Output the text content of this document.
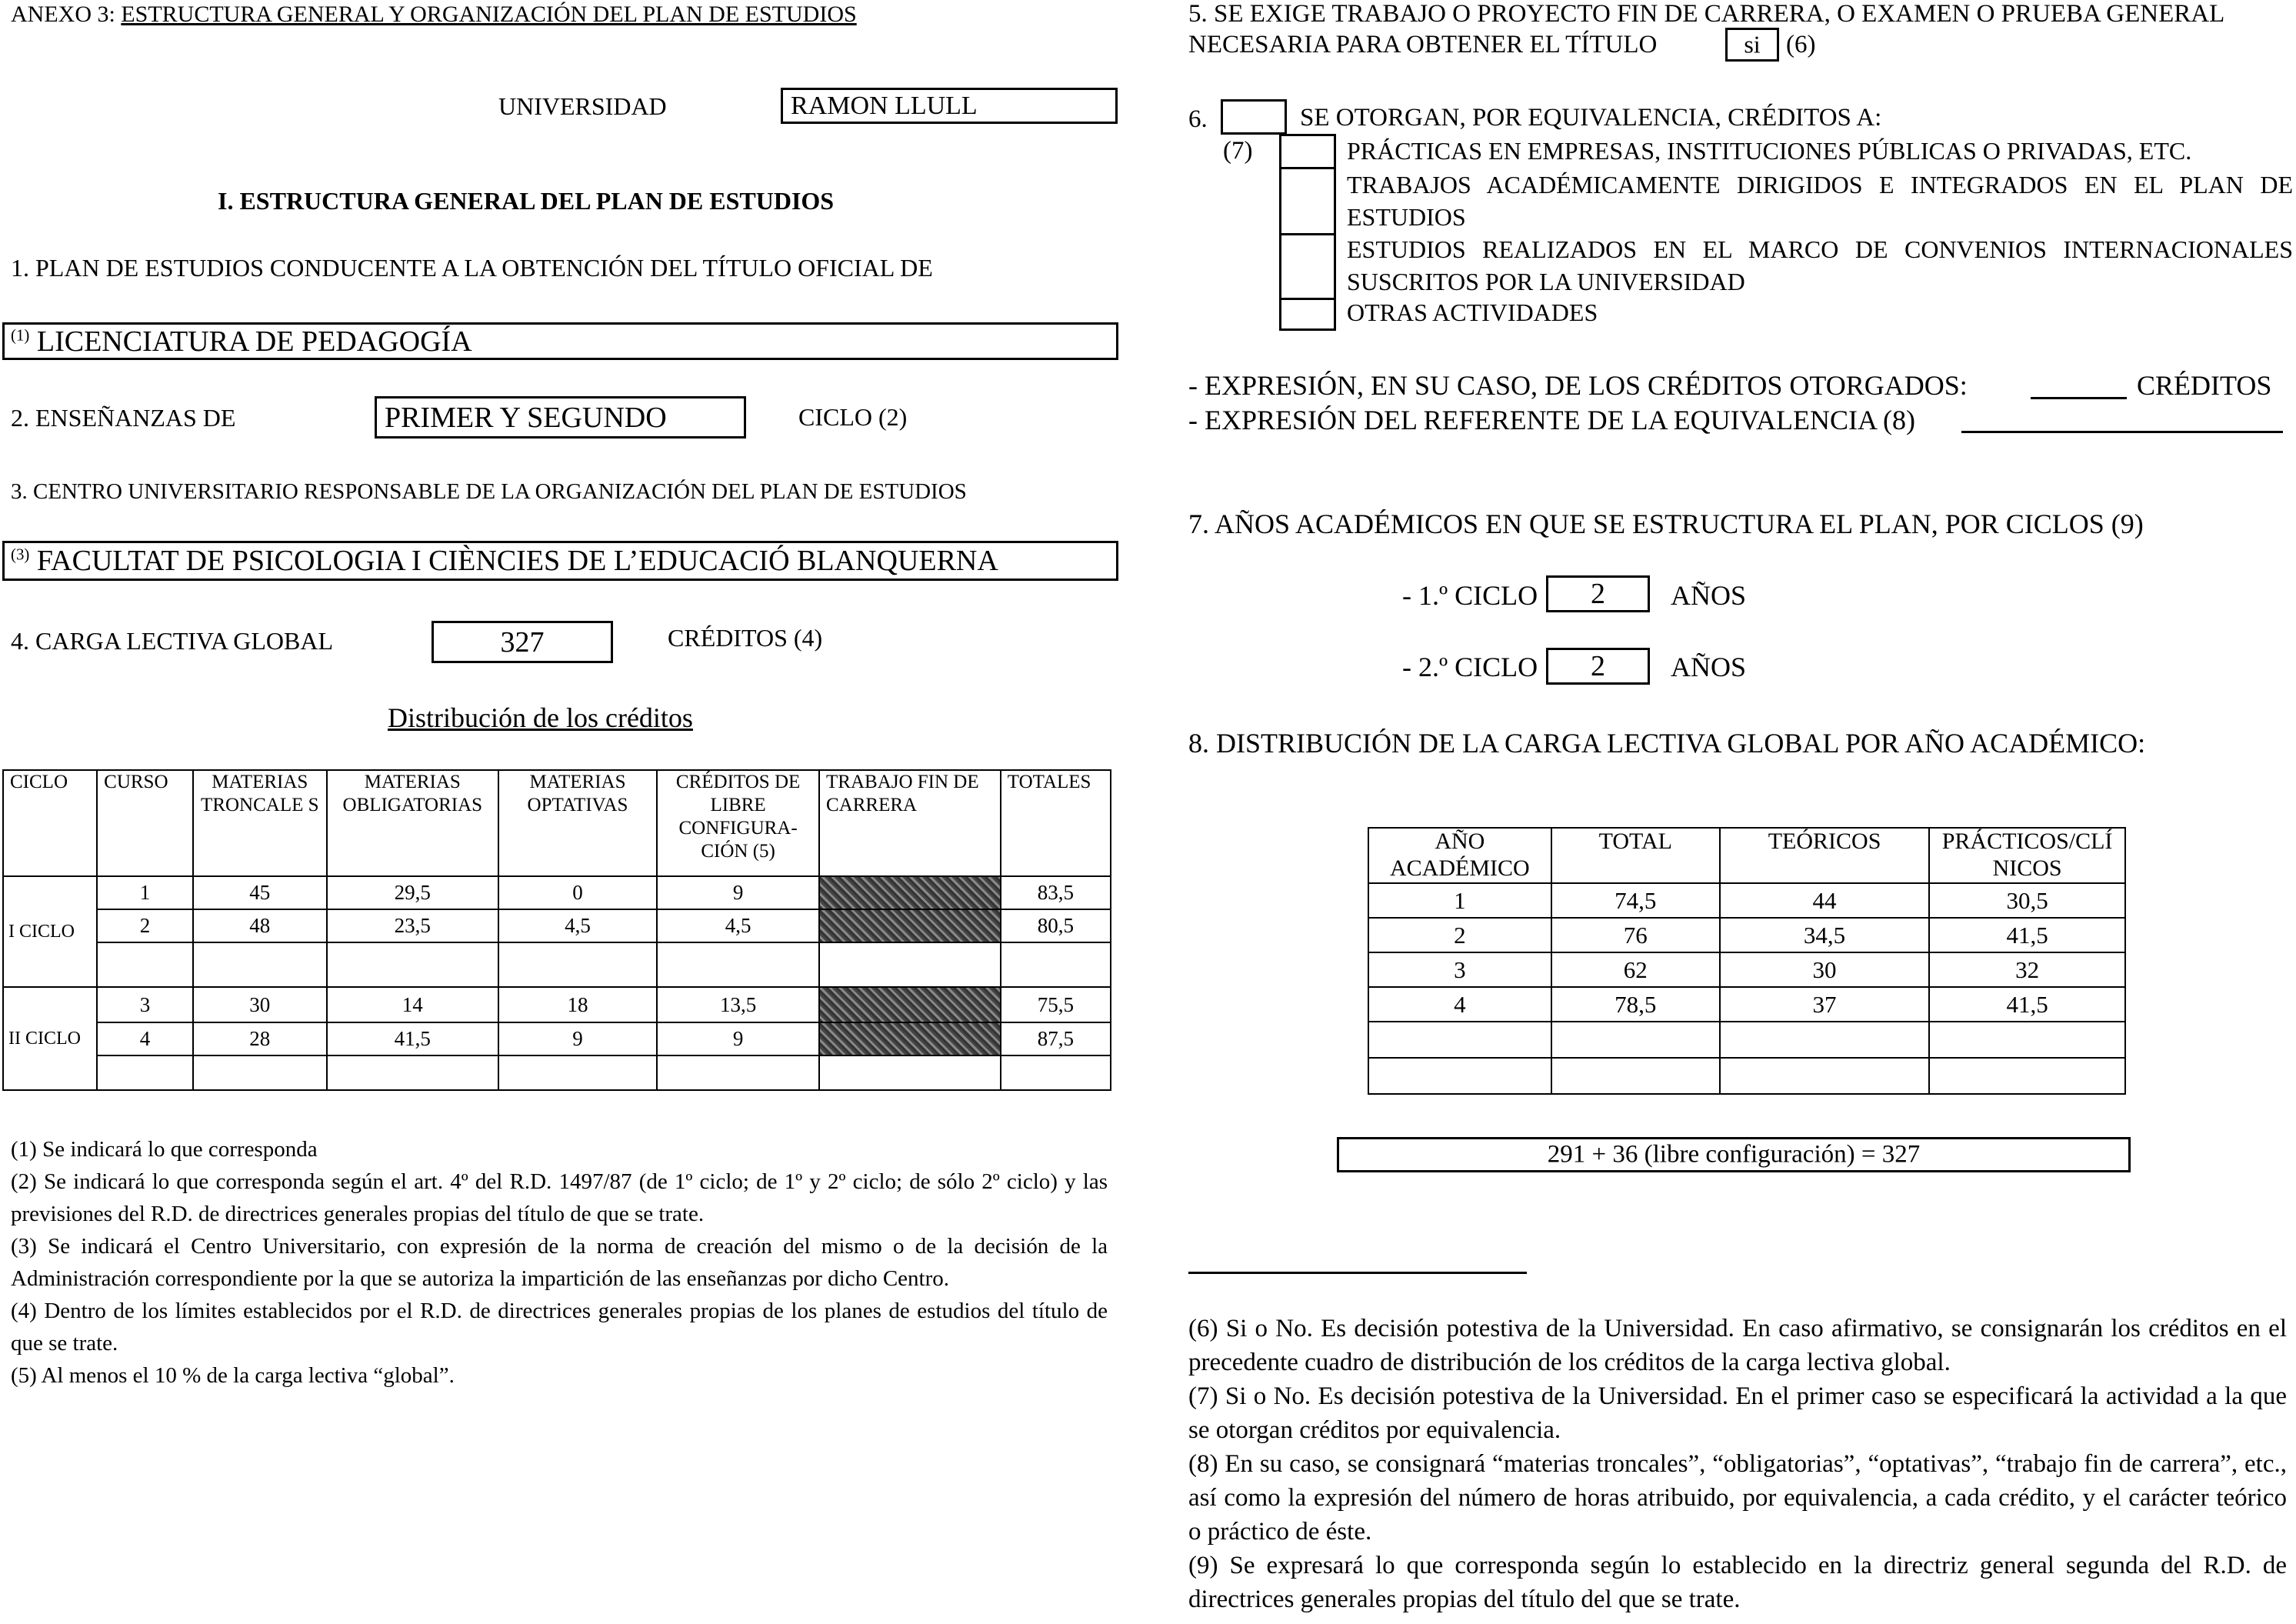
ANEXO 3: ESTRUCTURA GENERAL Y ORGANIZACIÓN DEL PLAN DE ESTUDIOS
UNIVERSIDAD	RAMON LLULL
I. ESTRUCTURA GENERAL DEL PLAN DE ESTUDIOS
1. PLAN DE ESTUDIOS CONDUCENTE A LA OBTENCIÓN DEL TÍTULO OFICIAL DE
$^{(1)}$ LICENCIATURA DE PEDAGOGÍA
2. ENSEÑANZAS DE	PRIMER Y SEGUNDO	CICLO (2)
3. CENTRO UNIVERSITARIO RESPONSABLE DE LA ORGANIZACIÓN DEL PLAN DE ESTUDIOS
$^{(3)}$ FACULTAT DE PSICOLOGIA I CIÈNCIES DE L’EDUCACIÓ BLANQUERNA
4. CARGA LECTIVA GLOBAL	327	CRÉDITOS (4)
Distribución de los créditos
CICLO	CURSO	MATERIAS TRONCALE S	MATERIAS OBLIGATORIAS	MATERIAS OPTATIVAS	CRÉDITOS DE LIBRE CONFIGURA- CIÓN (5)	TRABAJO FIN DE CARRERA	TOTALES
I CICLO	1	45	29,5	0	9		83,5
	2	48	23,5	4,5	4,5		80,5

II CICLO	3	30	14	18	13,5		75,5
	4	28	41,5	9	9		87,5

(1) Se indicará lo que corresponda

(2) Se indicará lo que corresponda según el art. 4º del R.D. 1497/87 (de 1º ciclo; de 1º y 2º ciclo; de sólo 2º ciclo) y las previsiones del R.D. de directrices generales propias del título de que se trate.

(3) Se indicará el Centro Universitario, con expresión de la norma de creación del mismo o de la decisión de la Administración correspondiente por la que se autoriza la impartición de las enseñanzas por dicho Centro.

(4) Dentro de los límites establecidos por el R.D. de directrices generales propias de los planes de estudios del título de que se trate.

(5) Al menos el 10 % de la carga lectiva “global”.

5. SE EXIGE TRABAJO O PROYECTO FIN DE CARRERA, O EXAMEN O PRUEBA GENERAL
NECESARIA PARA OBTENER EL TÍTULO	si	(6)
6.	SE OTORGAN, POR EQUIVALENCIA, CRÉDITOS A:
(7)	PRÁCTICAS EN EMPRESAS, INSTITUCIONES PÚBLICAS O PRIVADAS, ETC.
TRABAJOS ACADÉMICAMENTE DIRIGIDOS E INTEGRADOS EN EL PLAN DE ESTUDIOS
ESTUDIOS REALIZADOS EN EL MARCO DE CONVENIOS INTERNACIONALES SUSCRITOS POR LA UNIVERSIDAD
OTRAS ACTIVIDADES
- EXPRESIÓN, EN SU CASO, DE LOS CRÉDITOS OTORGADOS:	CRÉDITOS
- EXPRESIÓN DEL REFERENTE DE LA EQUIVALENCIA (8)
7. AÑOS ACADÉMICOS EN QUE SE ESTRUCTURA EL PLAN, POR CICLOS (9)
- 1.º CICLO	2	AÑOS
- 2.º CICLO	2	AÑOS
8. DISTRIBUCIÓN DE LA CARGA LECTIVA GLOBAL POR AÑO ACADÉMICO:
AÑO ACADÉMICO	TOTAL	TEÓRICOS	PRÁCTICOS/CLÍ NICOS
1	74,5	44	30,5
2	76	34,5	41,5
3	62	30	32
4	78,5	37	41,5

291 + 36 (libre configuración) = 327

(6) Si o No. Es decisión potestiva de la Universidad. En caso afirmativo, se consignarán los créditos en el precedente cuadro de distribución de los créditos de la carga lectiva global.

(7) Si o No. Es decisión potestiva de la Universidad. En el primer caso se especificará la actividad a la que se otorgan créditos por equivalencia.

(8) En su caso, se consignará “materias troncales”, “obligatorias”, “optativas”, “trabajo fin de carrera”, etc., así como la expresión del número de horas atribuido, por equivalencia, a cada crédito, y el carácter teórico o práctico de éste.

(9) Se expresará lo que corresponda según lo establecido en la directriz general segunda del R.D. de directrices generales propias del título del que se trate.
